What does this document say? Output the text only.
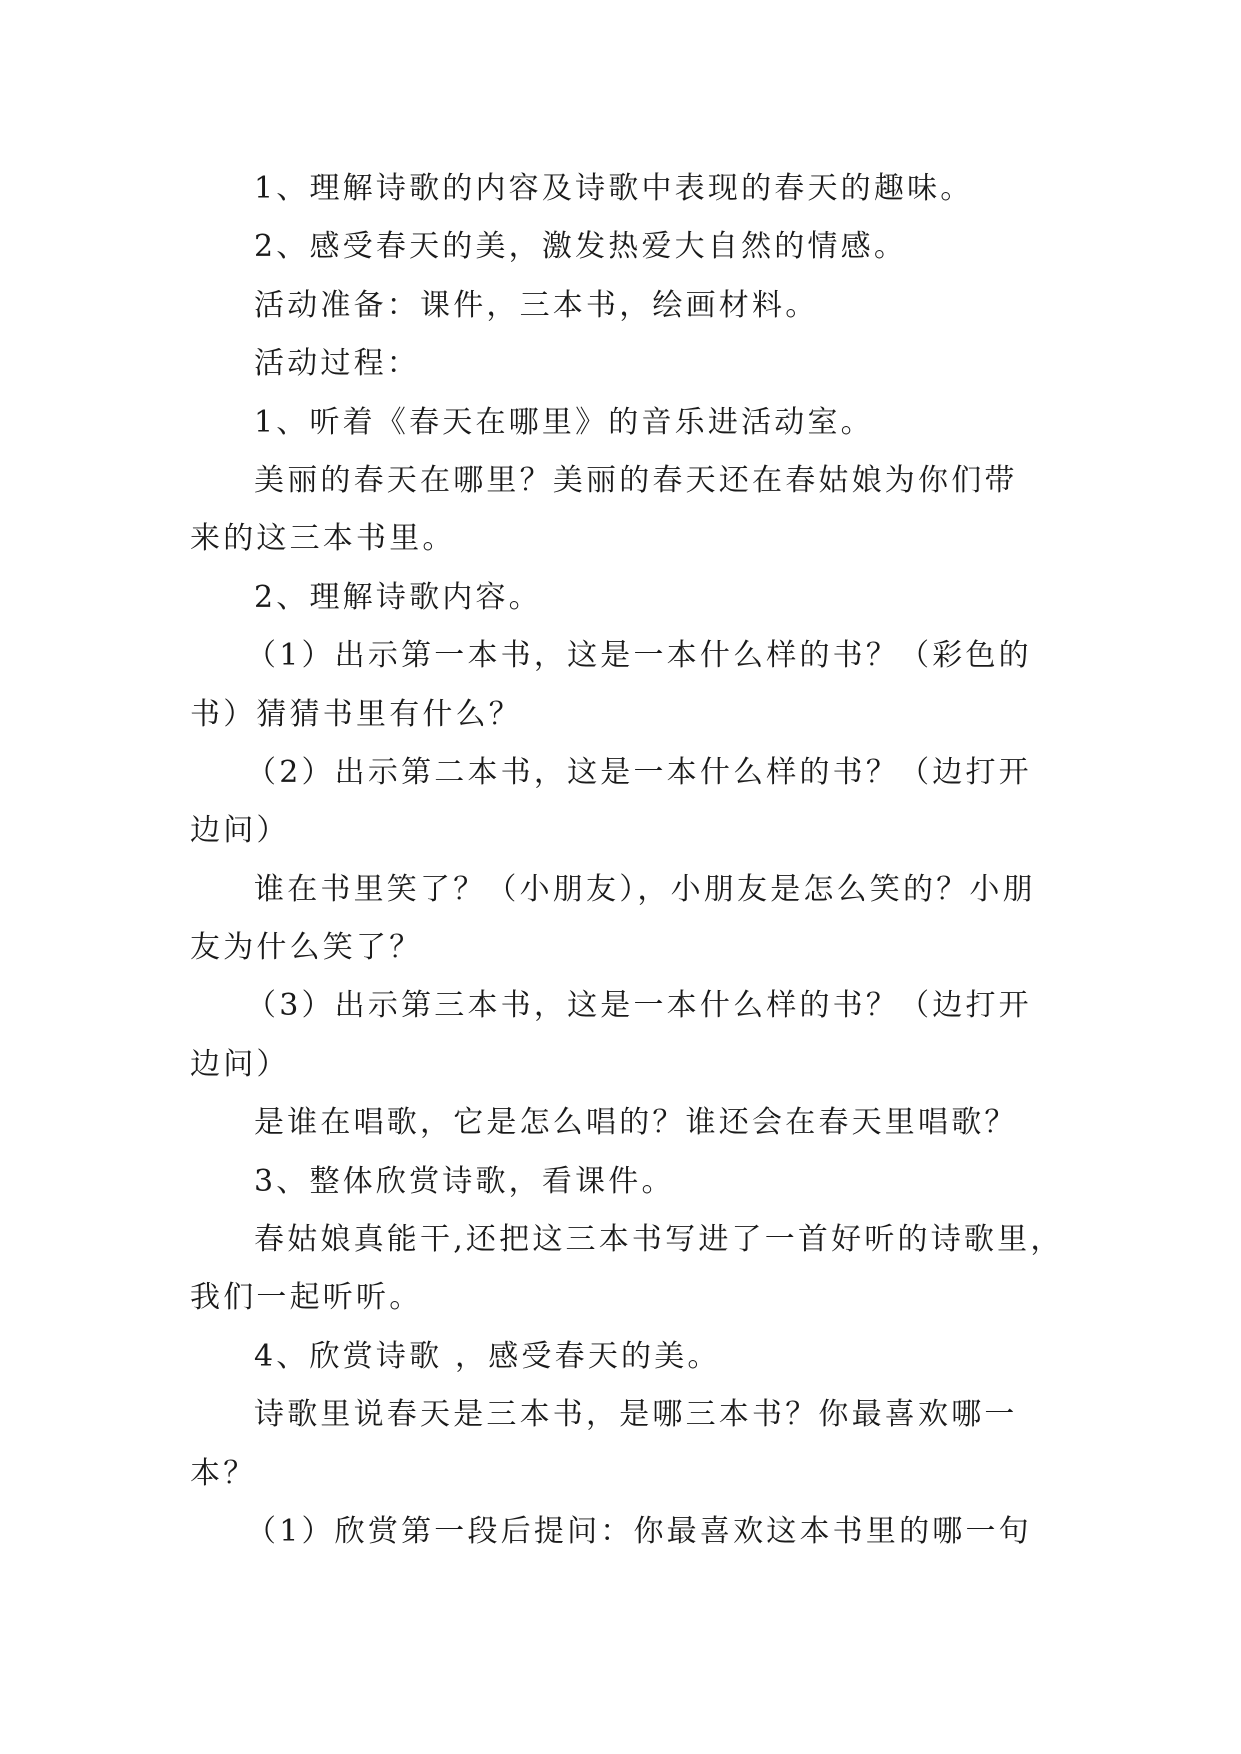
1、理解诗歌的内容及诗歌中表现的春天的趣味。

2、感受春天的美，激发热爱大自然的情感。

活动准备：课件，三本书，绘画材料。

活动过程：

1、听着《春天在哪里》的音乐进活动室。

美丽的春天在哪里？美丽的春天还在春姑娘为你们带

来的这三本书里。

2、理解诗歌内容。

（1）出示第一本书，这是一本什么样的书？（彩色的

书）猜猜书里有什么？

（2）出示第二本书，这是一本什么样的书？（边打开

边问）

谁在书里笑了？（小朋友），小朋友是怎么笑的？小朋

友为什么笑了？

（3）出示第三本书，这是一本什么样的书？（边打开

边问）

是谁在唱歌，它是怎么唱的？谁还会在春天里唱歌？

3、整体欣赏诗歌，看课件。

春姑娘真能干,还把这三本书写进了一首好听的诗歌里，

我们一起听听。

4、欣赏诗歌 ，感受春天的美。

诗歌里说春天是三本书，是哪三本书？你最喜欢哪一

本？

（1）欣赏第一段后提问：你最喜欢这本书里的哪一句
